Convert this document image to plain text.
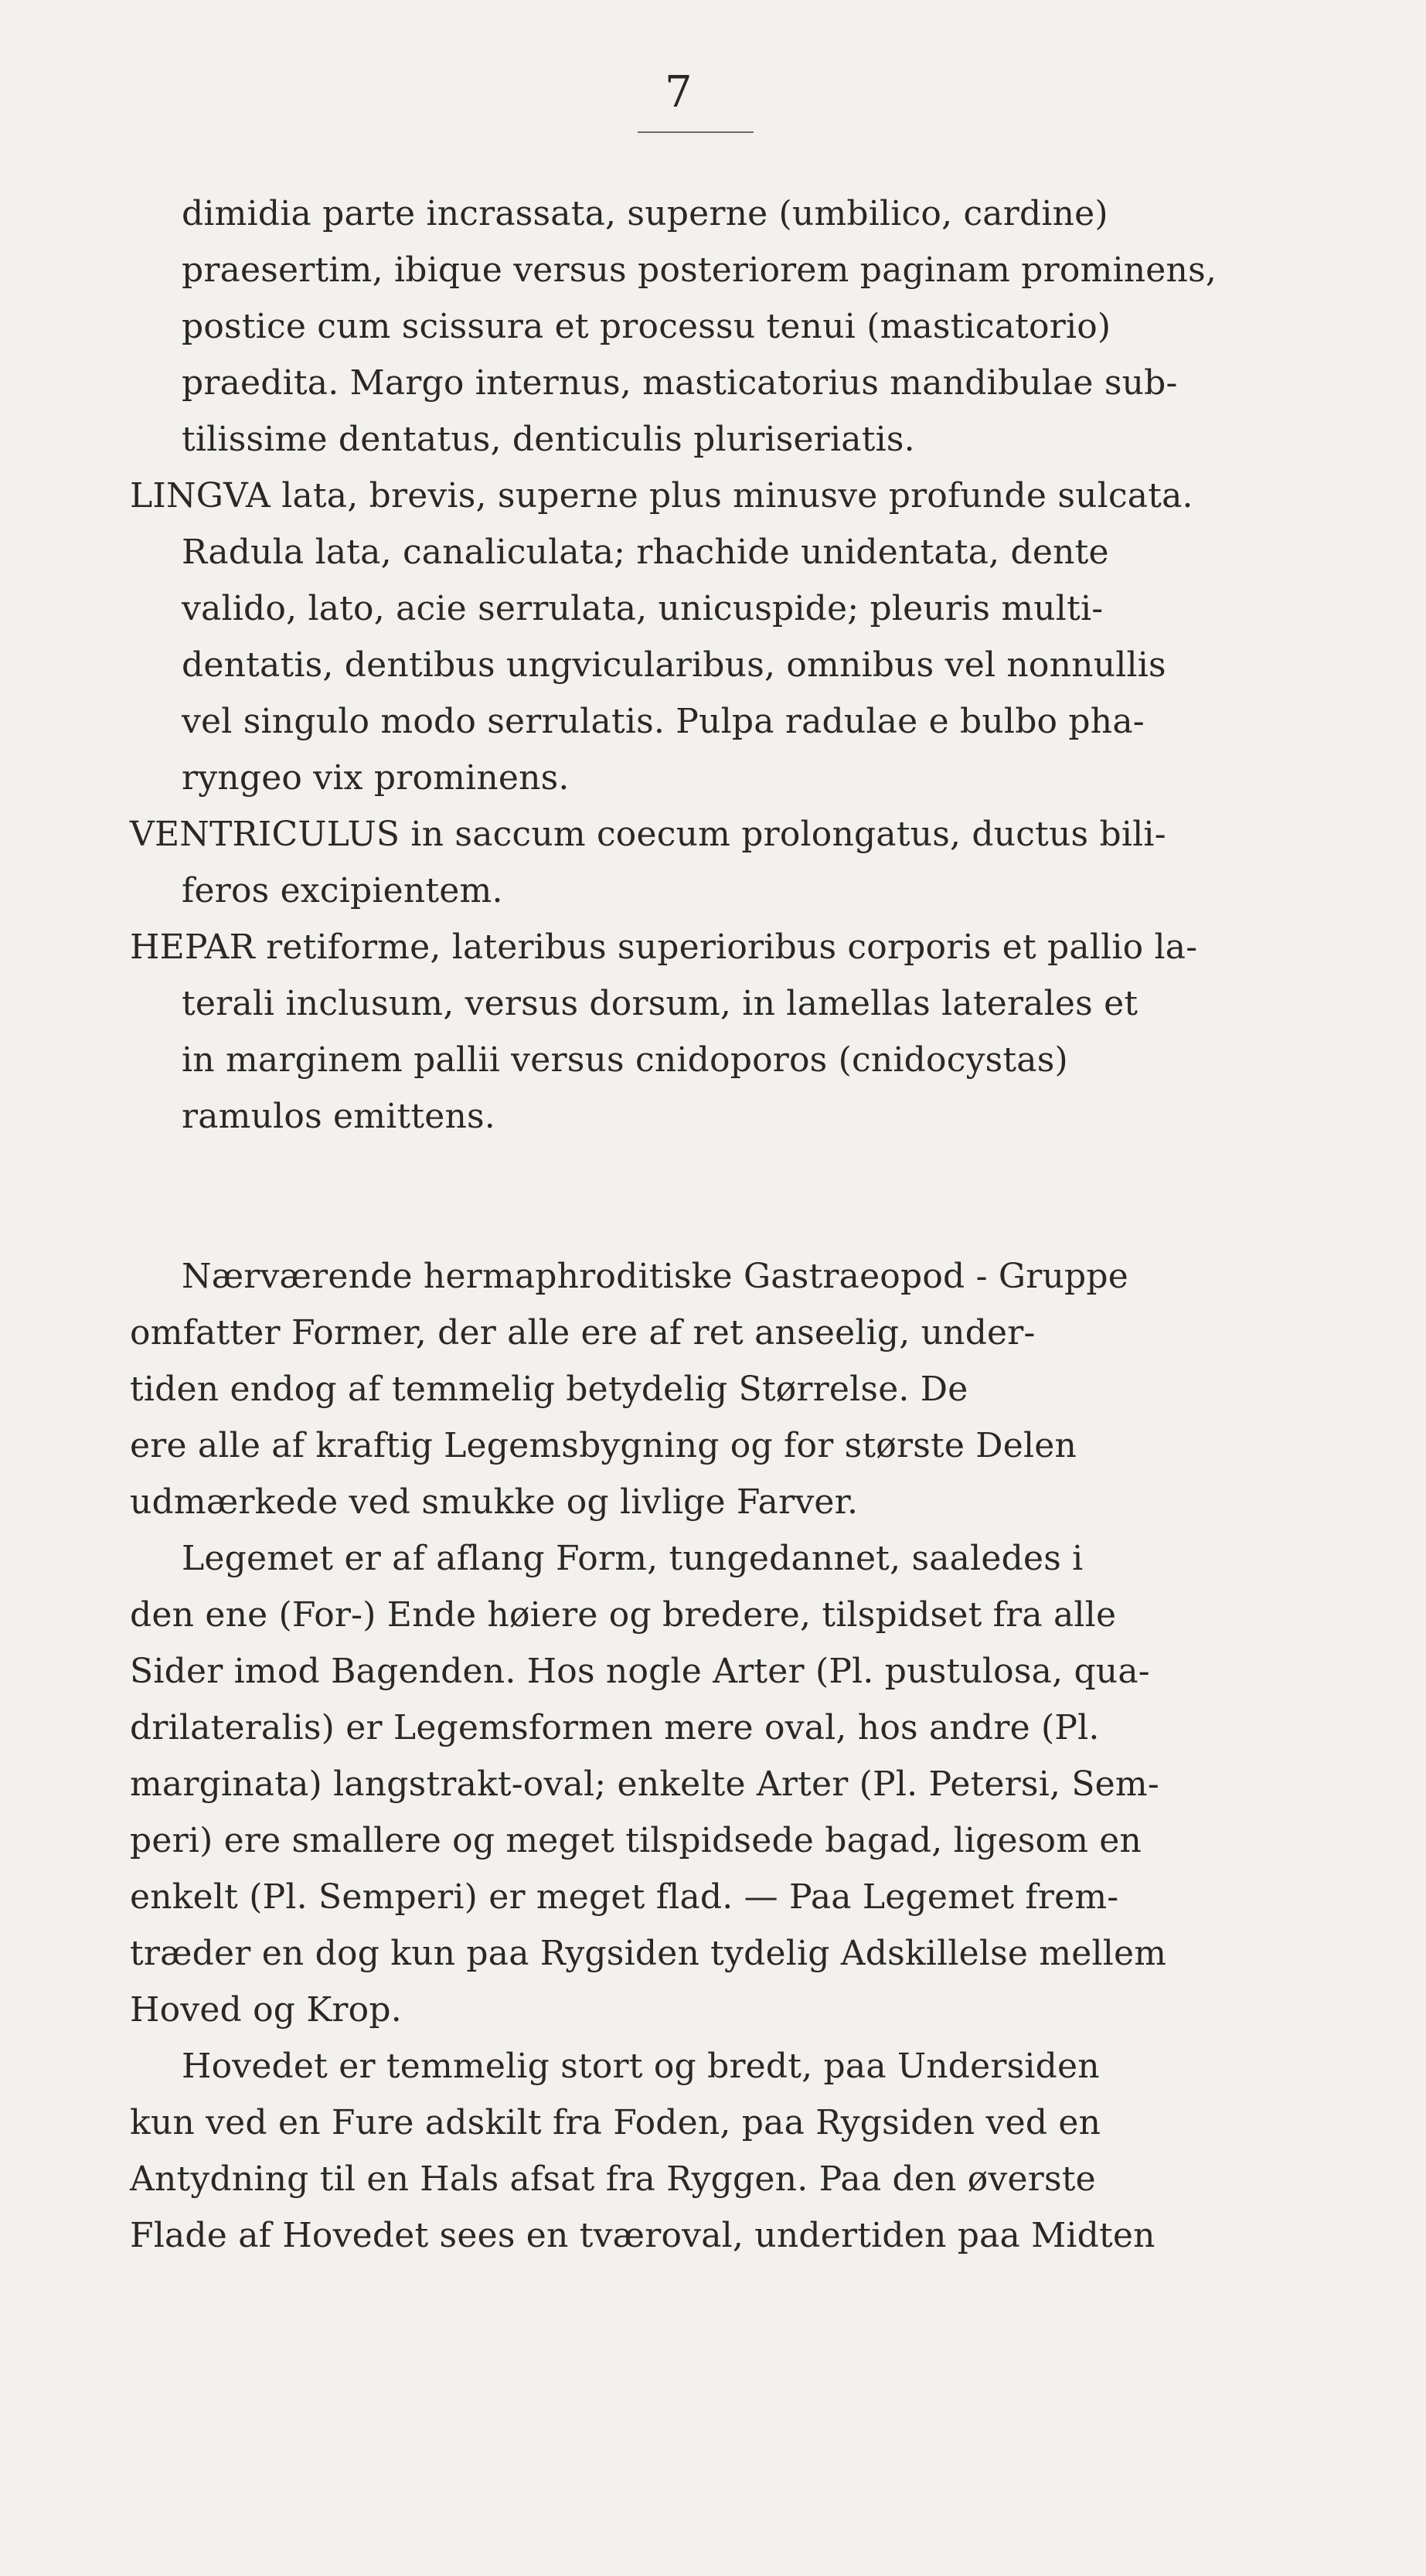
7
dimidia parte incrassata, superne (umbilico, cardine)
praesertim, ibique versus posteriorem paginam prominens,
postice cum scissura et processu tenui (masticatorio)
praedita. Margo internus, masticatorius mandibulae sub-
tilissime dentatus, denticulis pluriseriatis.
LINGVA lata, brevis, superne plus minusve profunde sulcata.
Radula lata, canaliculata; rhachide unidentata, dente
valido, lato, acie serrulata, unicuspide; pleuris multi-
dentatis, dentibus ungvicularibus, omnibus vel nonnullis
vel singulo modo serrulatis. Pulpa radulae e bulbo pha-
ryngeo vix prominens.
VENTRICULUS in saccum coecum prolongatus, ductus bili-
feros excipientem.
HEPAR retiforme, lateribus superioribus corporis et pallio la-
terali inclusum, versus dorsum, in lamellas laterales et
in marginem pallii versus cnidoporos (cnidocystas)
ramulos emittens.
Nærværende hermaphroditiske Gastraeopod - Gruppe
omfatter Former, der alle ere af ret anseelig, under-
tiden endog af temmelig betydelig Størrelse. De
ere alle af kraftig Legemsbygning og for største Delen
udmærkede ved smukke og livlige Farver.
Legemet er af aflang Form, tungedannet, saaledes i
den ene (For-) Ende høiere og bredere, tilspidset fra alle
Sider imod Bagenden. Hos nogle Arter (Pl. pustulosa, qua-
drilateralis) er Legemsformen mere oval, hos andre (Pl.
marginata) langstrakt-oval; enkelte Arter (Pl. Petersi, Sem-
peri) ere smallere og meget tilspidsede bagad, ligesom en
enkelt (Pl. Semperi) er meget flad. — Paa Legemet frem-
træder en dog kun paa Rygsiden tydelig Adskillelse mellem
Hoved og Krop.
Hovedet er temmelig stort og bredt, paa Undersiden
kun ved en Fure adskilt fra Foden, paa Rygsiden ved en
Antydning til en Hals afsat fra Ryggen. Paa den øverste
Flade af Hovedet sees en tværoval, undertiden paa Midten
